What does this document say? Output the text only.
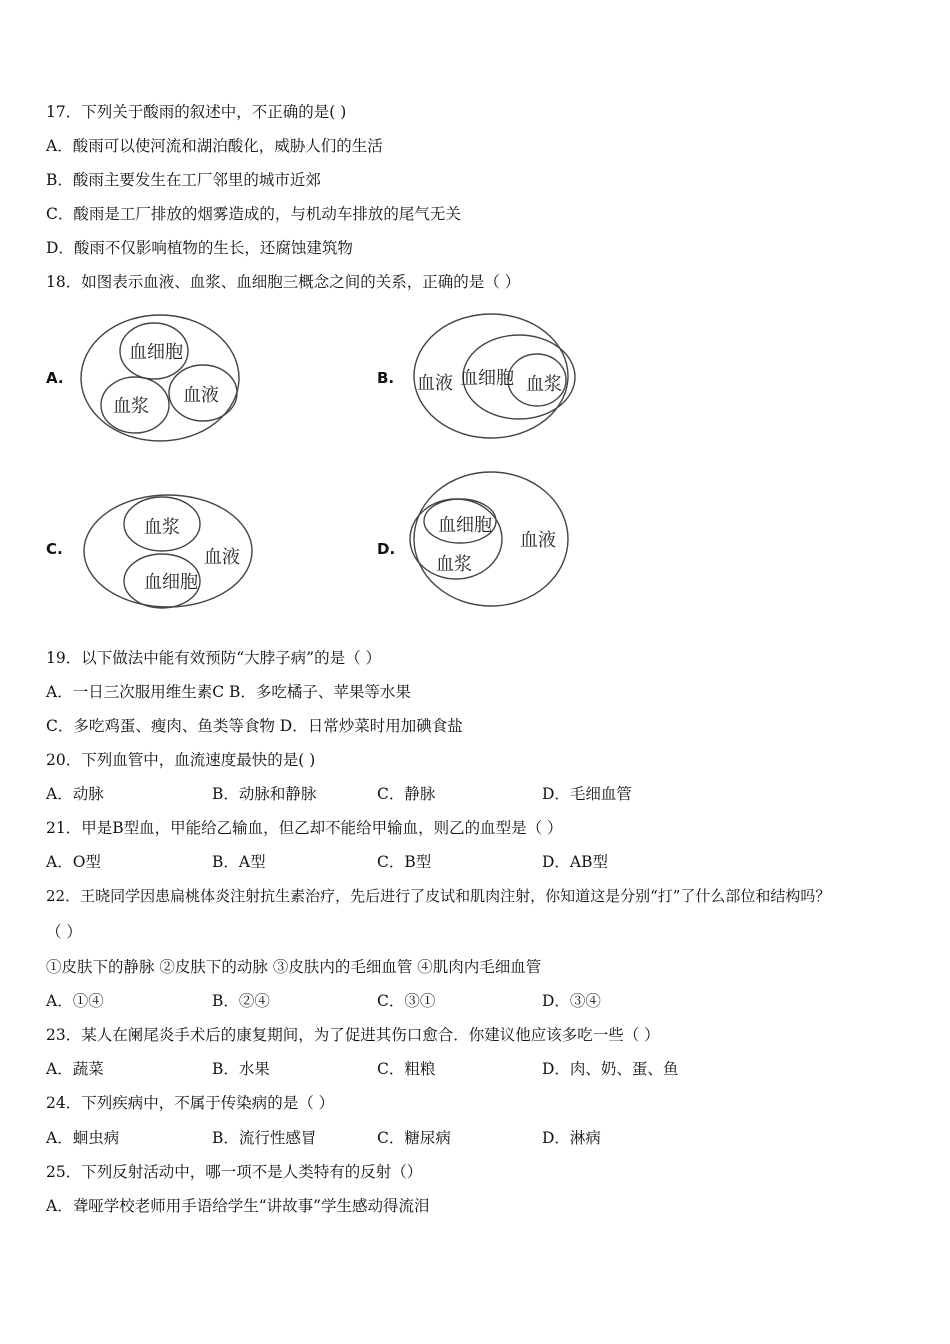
17．下列关于酸雨的叙述中，不正确的是( )
A．酸雨可以使河流和湖泊酸化，威胁人们的生活
B．酸雨主要发生在工厂邻里的城市近郊
C．酸雨是工厂排放的烟雾造成的，与机动车排放的尾气无关
D．酸雨不仅影响植物的生长，还腐蚀建筑物
18．如图表示血液、血浆、血细胞三概念之间的关系，正确的是（ ）
A.	B.
C.	D.
血细胞
血浆
血液
血液 血细胞 血浆
血浆
血液
血细胞
血细胞
血浆
血液
19．以下做法中能有效预防“大脖子病”的是（ ）
A．一日三次服用维生素C B．多吃橘子、苹果等水果
C．多吃鸡蛋、瘦肉、鱼类等食物 D．日常炒菜时用加碘食盐
20．下列血管中，血流速度最快的是( )
A．动脉	B．动脉和静脉	C．静脉	D．毛细血管
21．甲是B型血，甲能给乙输血，但乙却不能给甲输血，则乙的血型是（ ）
A．O型	B．A型	C．B型	D．AB型
22．王晓同学因患扁桃体炎注射抗生素治疗，先后进行了皮试和肌肉注射，你知道这是分别“打”了什么部位和结构吗？
（ ）
①皮肤下的静脉 ②皮肤下的动脉 ③皮肤内的毛细血管 ④肌肉内毛细血管
A．①④	B．②④	C．③①	D．③④
23．某人在阑尾炎手术后的康复期间，为了促进其伤口愈合．你建议他应该多吃一些（ ）
A．蔬菜	B．水果	C．粗粮	D．肉、奶、蛋、鱼
24．下列疾病中，不属于传染病的是（ ）
A．蛔虫病	B．流行性感冒	C．糖尿病	D．淋病
25．下列反射活动中，哪一项不是人类特有的反射（）
A．聋哑学校老师用手语给学生“讲故事”学生感动得流泪
